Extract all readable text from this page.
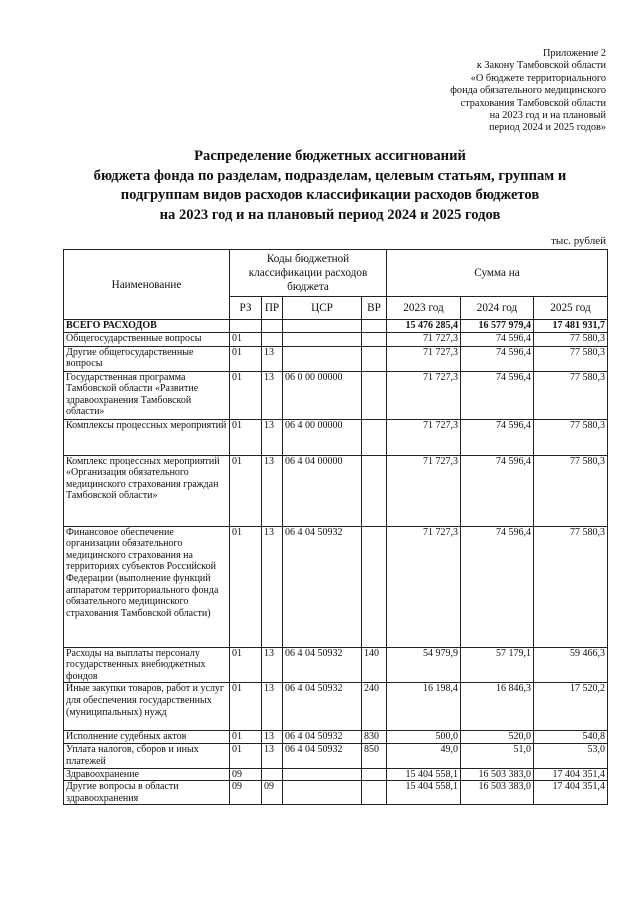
Приложение 2
к Закону Тамбовской области
«О бюджете территориального
фонда обязательного медицинского
страхования Тамбовской области
на 2023 год и на плановый
период 2024 и 2025 годов»
Распределение бюджетных ассигнований
бюджета фонда по разделам, подразделам, целевым статьям, группам и
подгруппам видов расходов классификации расходов бюджетов
на 2023 год и на плановый период 2024 и 2025 годов
тыс. рублей
Наименование	Коды бюджетной классификации расходов бюджета				Сумма на		
	РЗ	ПР	ЦСР	ВР	2023 год	2024 год	2025 год
ВСЕГО РАСХОДОВ					15 476 285,4	16 577 979,4	17 481 931,7
Общегосударственные вопросы	01				71 727,3	74 596,4	77 580,3
Другие общегосударственные вопросы	01	13			71 727,3	74 596,4	77 580,3
Государственная программа Тамбовской области «Развитие здравоохранения Тамбовской области»	01	13	06 0 00 00000		71 727,3	74 596,4	77 580,3
Комплексы процессных мероприятий	01	13	06 4 00 00000		71 727,3	74 596,4	77 580,3
Комплекс процессных мероприятий «Организация обязательного медицинского страхования граждан Тамбовской области»	01	13	06 4 04 00000		71 727,3	74 596,4	77 580,3
Финансовое обеспечение организации обязательного медицинского страхования на территориях субъектов Российской Федерации (выполнение функций аппаратом территориального фонда обязательного медицинского страхования Тамбовской области)	01	13	06 4 04 50932		71 727,3	74 596,4	77 580,3
Расходы на выплаты персоналу государственных внебюджетных фондов	01	13	06 4 04 50932	140	54 979,9	57 179,1	59 466,3
Иные закупки товаров, работ и услуг для обеспечения государственных (муниципальных) нужд	01	13	06 4 04 50932	240	16 198,4	16 846,3	17 520,2
Исполнение судебных актов	01	13	06 4 04 50932	830	500,0	520,0	540,8
Уплата налогов, сборов и иных платежей	01	13	06 4 04 50932	850	49,0	51,0	53,0
Здравоохранение	09				15 404 558,1	16 503 383,0	17 404 351,4
Другие вопросы в области здравоохранения	09	09			15 404 558,1	16 503 383,0	17 404 351,4
